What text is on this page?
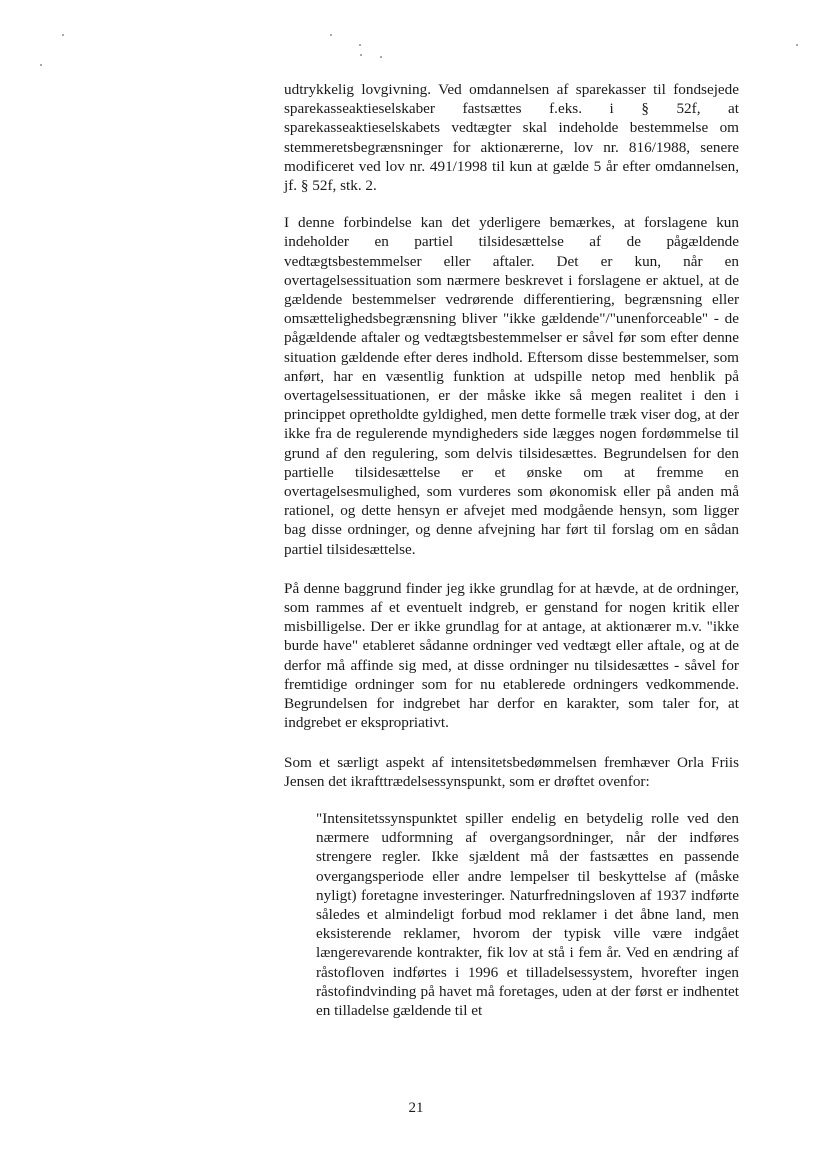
udtrykkelig lovgivning. Ved omdannelsen af sparekasser til fondsejede sparekasseaktieselskaber fastsættes f.eks. i § 52f, at sparekasseaktieselskabets vedtægter skal indeholde bestemmelse om stemmeretsbegrænsninger for aktionærerne, lov nr. 816/1988, senere modificeret ved lov nr. 491/1998 til kun at gælde 5 år efter omdannelsen, jf. § 52f, stk. 2.

I denne forbindelse kan det yderligere bemærkes, at forslagene kun indeholder en partiel tilsidesættelse af de pågældende vedtægtsbestemmelser eller aftaler. Det er kun, når en overtagelsessituation som nærmere beskrevet i forslagene er aktuel, at de gældende bestemmelser vedrørende differentiering, begrænsning eller omsættelighedsbegrænsning bliver "ikke gældende"/"unenforceable" - de pågældende aftaler og vedtægtsbestemmelser er såvel før som efter denne situation gældende efter deres indhold. Eftersom disse bestemmelser, som anført, har en væsentlig funktion at udspille netop med henblik på overtagelsessituationen, er der måske ikke så megen realitet i den i princippet opretholdte gyldighed, men dette formelle træk viser dog, at der ikke fra de regulerende myndigheders side lægges nogen fordømmelse til grund af den regulering, som delvis tilsidesættes. Begrundelsen for den partielle tilsidesættelse er et ønske om at fremme en overtagelsesmulighed, som vurderes som økonomisk eller på anden må rationel, og dette hensyn er afvejet med modgående hensyn, som ligger bag disse ordninger, og denne afvejning har ført til forslag om en sådan partiel tilsidesættelse.

På denne baggrund finder jeg ikke grundlag for at hævde, at de ordninger, som rammes af et eventuelt indgreb, er genstand for nogen kritik eller misbilligelse. Der er ikke grundlag for at antage, at aktionærer m.v. "ikke burde have" etableret sådanne ordninger ved vedtægt eller aftale, og at de derfor må affinde sig med, at disse ordninger nu tilsidesættes - såvel for fremtidige ordninger som for nu etablerede ordningers vedkommende. Begrundelsen for indgrebet har derfor en karakter, som taler for, at indgrebet er ekspropriativt.

Som et særligt aspekt af intensitetsbedømmelsen fremhæver Orla Friis Jensen det ikrafttrædelsessynspunkt, som er drøftet ovenfor:

"Intensitetssynspunktet spiller endelig en betydelig rolle ved den nærmere udformning af overgangsordninger, når der indføres strengere regler. Ikke sjældent må der fastsættes en passende overgangsperiode eller andre lempelser til beskyttelse af (måske nyligt) foretagne investeringer. Naturfredningsloven af 1937 indførte således et almindeligt forbud mod reklamer i det åbne land, men eksisterende reklamer, hvorom der typisk ville være indgået længerevarende kontrakter, fik lov at stå i fem år. Ved en ændring af råstofloven indførtes i 1996 et tilladelsessystem, hvorefter ingen råstofindvinding på havet må foretages, uden at der først er indhentet en tilladelse gældende til et

21
